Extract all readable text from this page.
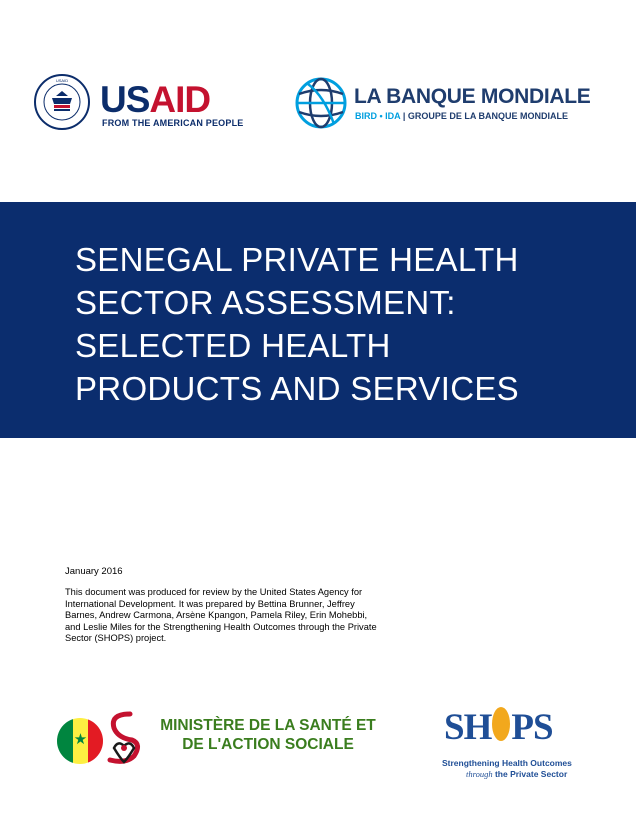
USAID USAID
FROM THE AMERICAN PEOPLE
LA BANQUE MONDIALE
BIRD • IDA | GROUPE DE LA BANQUE MONDIALE
SENEGAL PRIVATE HEALTH
SECTOR ASSESSMENT:
SELECTED HEALTH
PRODUCTS AND SERVICES
January 2016
This document was produced for review by the United States Agency for International Development. It was prepared by Bettina Brunner, Jeffrey Barnes, Andrew Carmona, Arsène Kpangon, Pamela Riley, Erin Mohebbi, and Leslie Miles for the Strengthening Health Outcomes through the Private Sector (SHOPS) project.
★
MINISTÈRE DE LA SANTÉ ET
DE L'ACTION SOCIALE	SH PS
Strengthening Health Outcomes
through the Private Sector
